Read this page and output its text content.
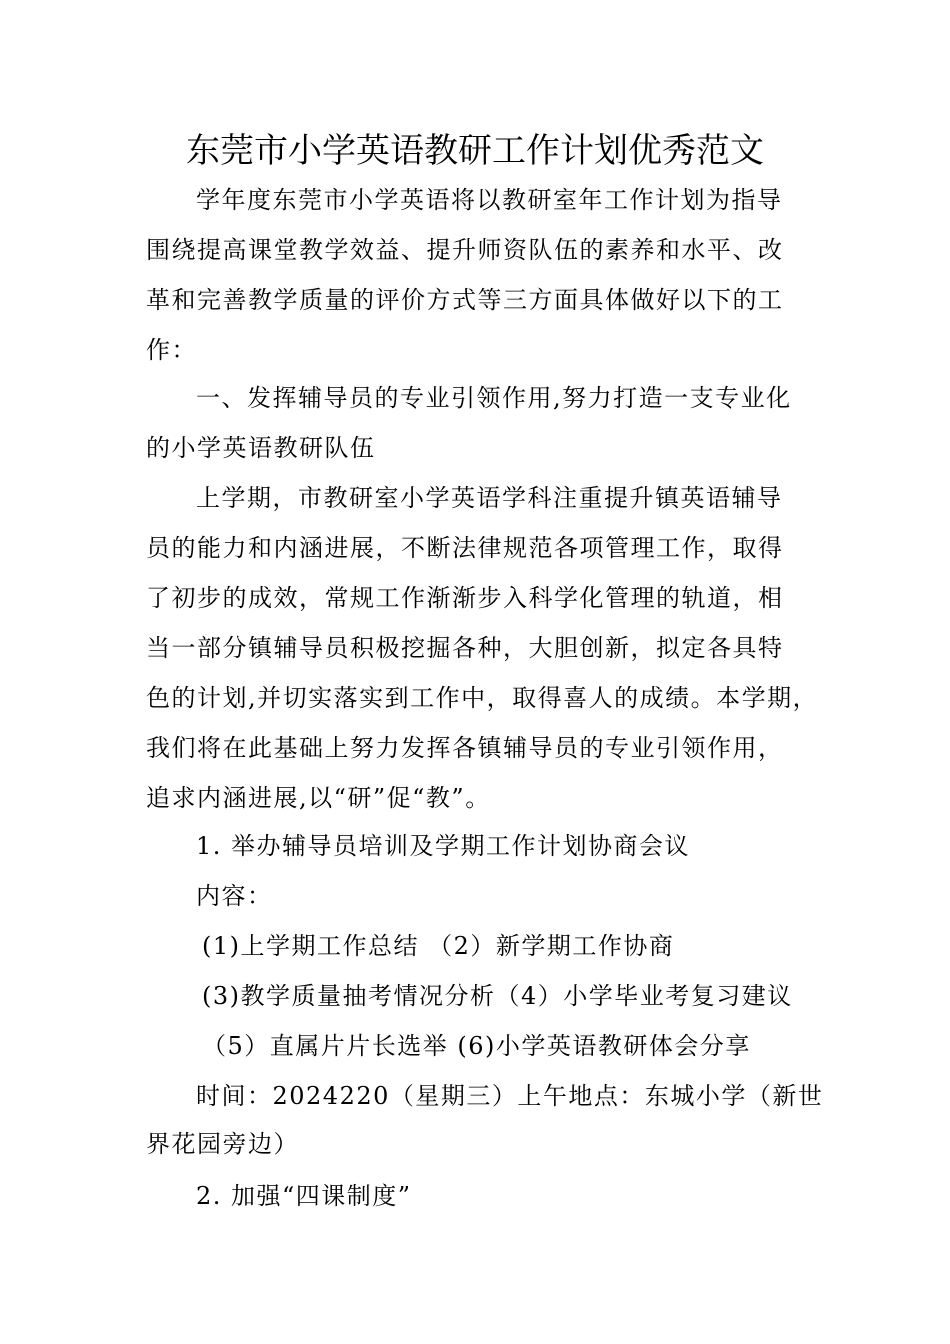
东莞市小学英语教研工作计划优秀范文
学年度东莞市小学英语将以教研室年工作计划为指导
围绕提高课堂教学效益、提升师资队伍的素养和水平、改
革和完善教学质量的评价方式等三方面具体做好以下的工
作：
一、发挥辅导员的专业引领作用,努力打造一支专业化
的小学英语教研队伍
上学期，市教研室小学英语学科注重提升镇英语辅导
员的能力和内涵进展，不断法律规范各项管理工作，取得
了初步的成效，常规工作渐渐步入科学化管理的轨道，相
当一部分镇辅导员积极挖掘各种，大胆创新，拟定各具特
色的计划,并切实落实到工作中，取得喜人的成绩。本学期，
我们将在此基础上努力发挥各镇辅导员的专业引领作用，
追求内涵进展,以“研”促“教”。
1. 举办辅导员培训及学期工作计划协商会议
内容：
(1)上学期工作总结 （2）新学期工作协商
(3)教学质量抽考情况分析（4）小学毕业考复习建议
（5）直属片片长选举 (6)小学英语教研体会分享
时间：2024220（星期三）上午地点：东城小学（新世
界花园旁边）
2. 加强“四课制度”
